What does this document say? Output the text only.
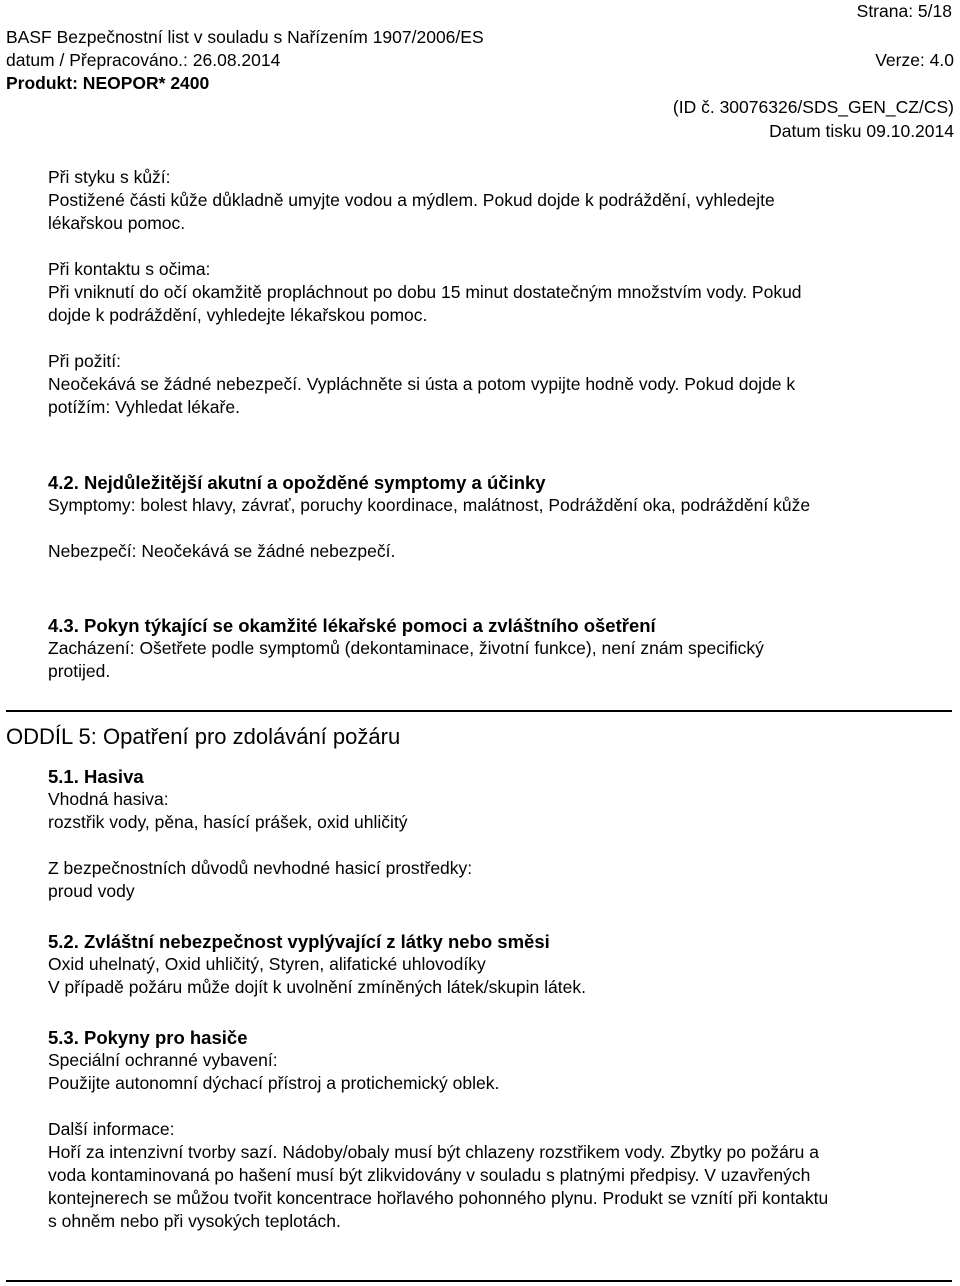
Strana: 5/18
BASF Bezpečnostní list v souladu s Nařízením 1907/2006/ES
datum / Přepracováno.: 26.08.2014	Verze: 4.0
Produkt: NEOPOR* 2400
(ID č. 30076326/SDS_GEN_CZ/CS)
Datum tisku 09.10.2014
Při styku s kůží:
Postižené části kůže důkladně umyjte vodou a mýdlem. Pokud dojde k podráždění, vyhledejte
lékařskou pomoc.
Při kontaktu s očima:
Při vniknutí do očí okamžitě propláchnout po dobu 15 minut dostatečným množstvím vody. Pokud
dojde k podráždění, vyhledejte lékařskou pomoc.
Při požití:
Neočekává se žádné nebezpečí. Vypláchněte si ústa a potom vypijte hodně vody. Pokud dojde k
potížím: Vyhledat lékaře.
4.2. Nejdůležitější akutní a opožděné symptomy a účinky
Symptomy: bolest hlavy, závrať, poruchy koordinace, malátnost, Podráždění oka, podráždění kůže
Nebezpečí: Neočekává se žádné nebezpečí.
4.3. Pokyn týkající se okamžité lékařské pomoci a zvláštního ošetření
Zacházení: Ošetřete podle symptomů (dekontaminace, životní funkce), není znám specifický
protijed.
ODDÍL 5: Opatření pro zdolávání požáru
5.1. Hasiva
Vhodná hasiva:
rozstřik vody, pěna, hasící prášek, oxid uhličitý
Z bezpečnostních důvodů nevhodné hasicí prostředky:
proud vody
5.2. Zvláštní nebezpečnost vyplývající z látky nebo směsi
Oxid uhelnatý, Oxid uhličitý, Styren, alifatické uhlovodíky
V případě požáru může dojít k uvolnění zmíněných látek/skupin látek.
5.3. Pokyny pro hasiče
Speciální ochranné vybavení:
Použijte autonomní dýchací přístroj a protichemický oblek.
Další informace:
Hoří za intenzivní tvorby sazí. Nádoby/obaly musí být chlazeny rozstřikem vody. Zbytky po požáru a
voda kontaminovaná po hašení musí být zlikvidovány v souladu s platnými předpisy. V uzavřených
kontejnerech se můžou tvořit koncentrace hořlavého pohonného plynu. Produkt se vznítí při kontaktu
s ohněm nebo při vysokých teplotách.
